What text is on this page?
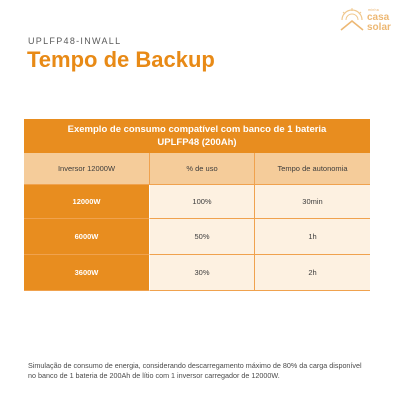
UPLFP48-INWALL
Tempo de Backup
minha
casa
solar
Exemplo de consumo compatível com banco de 1 bateria
UPLFP48 (200Ah)
Inversor 12000W	% de uso	Tempo de autonomia
12000W	100%	30min
6000W	50%	1h
3600W	30%	2h
Simulação de consumo de energia, considerando descarregamento máximo de 80% da carga disponível
no banco de 1 bateria de 200Ah de lítio com 1 inversor carregador de 12000W.
